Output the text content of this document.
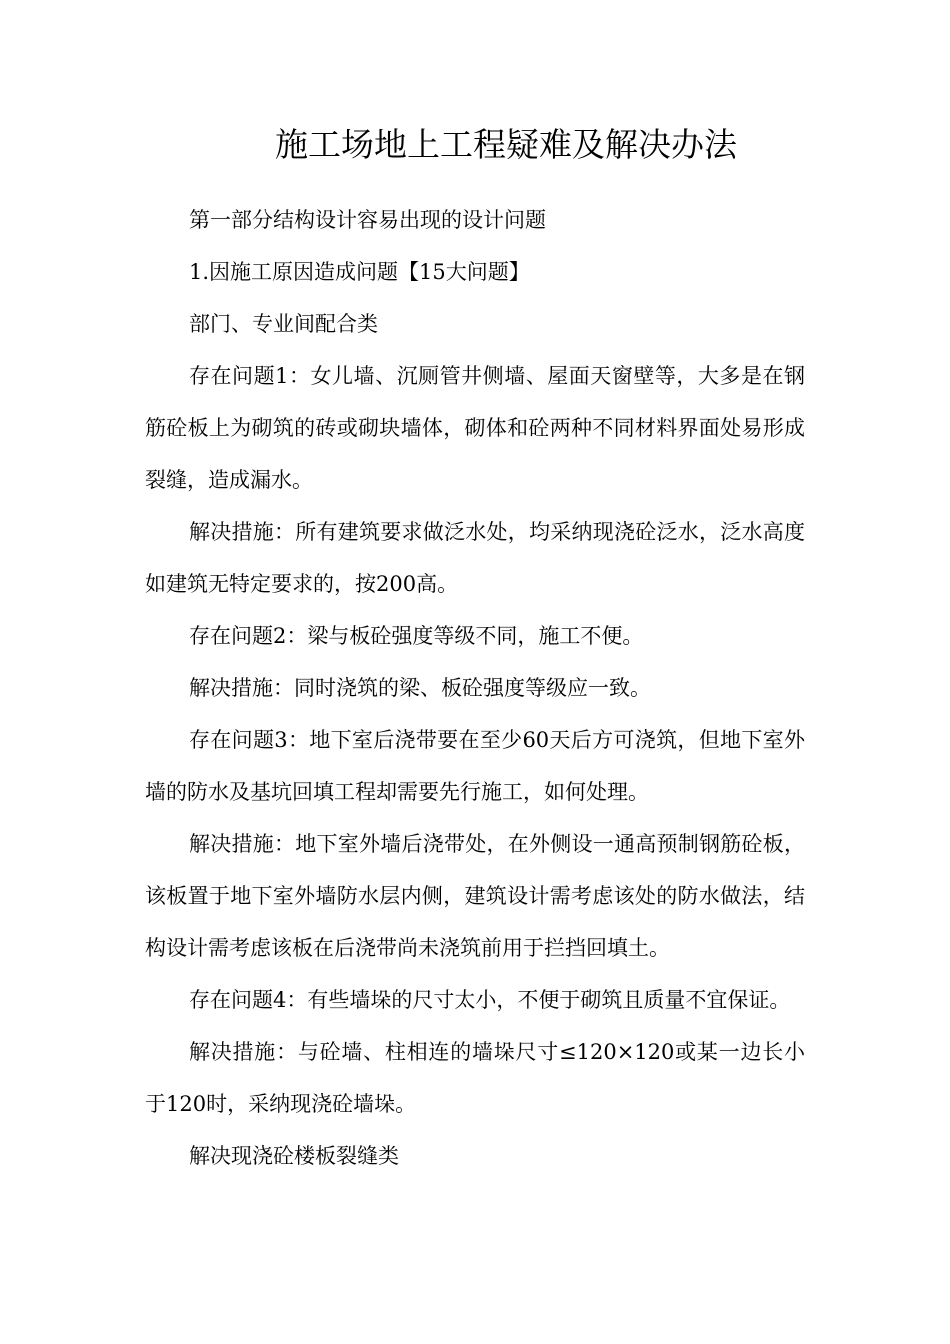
施工场地上工程疑难及解决办法

第一部分结构设计容易出现的设计问题

1.因施工原因造成问题【15大问题】

部门、专业间配合类

存在问题1：女儿墙、沉厕管井侧墙、屋面天窗壁等，大多是在钢筋砼板上为砌筑的砖或砌块墙体，砌体和砼两种不同材料界面处易形成裂缝，造成漏水。

解决措施：所有建筑要求做泛水处，均采纳现浇砼泛水，泛水高度如建筑无特定要求的，按200高。

存在问题2：梁与板砼强度等级不同，施工不便。

解决措施：同时浇筑的梁、板砼强度等级应一致。

存在问题3：地下室后浇带要在至少60天后方可浇筑，但地下室外墙的防水及基坑回填工程却需要先行施工，如何处理。

解决措施：地下室外墙后浇带处，在外侧设一通高预制钢筋砼板，该板置于地下室外墙防水层内侧，建筑设计需考虑该处的防水做法，结构设计需考虑该板在后浇带尚未浇筑前用于拦挡回填土。

存在问题4：有些墙垛的尺寸太小，不便于砌筑且质量不宜保证。

解决措施：与砼墙、柱相连的墙垛尺寸≤120×120或某一边长小于120时，采纳现浇砼墙垛。

解决现浇砼楼板裂缝类
